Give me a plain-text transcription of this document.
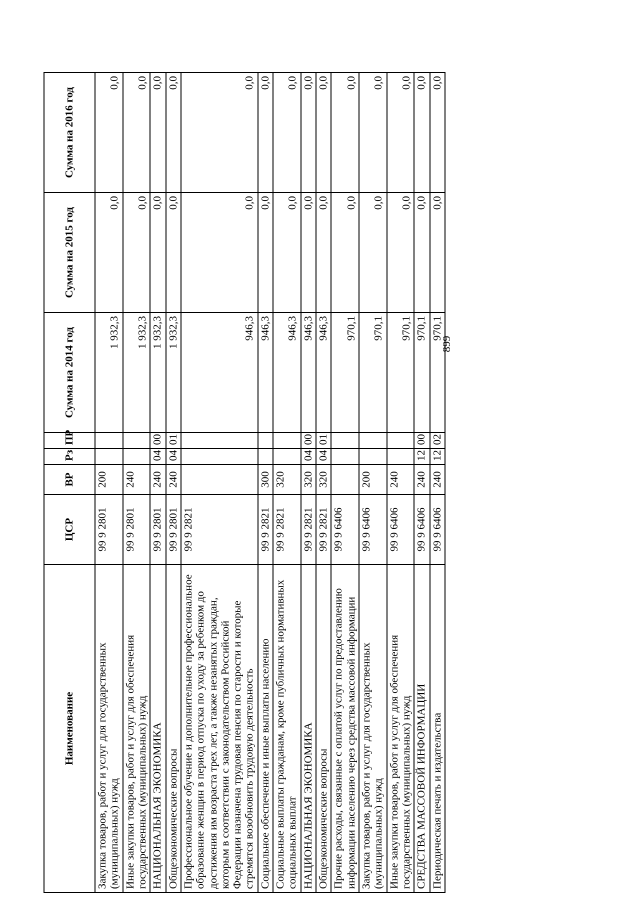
899
Наименование	ЦСР	ВР	Рз	ПР	Сумма на 2014 год	Сумма на 2015 год	Сумма на 2016 год
Закупка товаров, работ и услуг для государственных (муниципальных) нужд	99 9 2801	200			1 932,3	0,0	0,0
Иные закупки товаров, работ и услуг для обеспечения государственных (муниципальных) нужд	99 9 2801	240			1 932,3	0,0	0,0
НАЦИОНАЛЬНАЯ ЭКОНОМИКА	99 9 2801	240	04	00	1 932,3	0,0	0,0
Общеэкономические вопросы	99 9 2801	240	04	01	1 932,3	0,0	0,0
Профессиональное обучение и дополнительное профессиональное образование женщин в период отпуска по уходу за ребенком до достижения им возраста трех лет, а также незанятых граждан, которым в соответствии с законодательством Российской Федерации назначена трудовая пенсия по старости и которые стремятся возобновить трудовую деятельность	99 9 2821				946,3	0,0	0,0
Социальное обеспечение и иные выплаты населению	99 9 2821	300			946,3	0,0	0,0
Социальные выплаты гражданам, кроме публичных нормативных социальных выплат	99 9 2821	320			946,3	0,0	0,0
НАЦИОНАЛЬНАЯ ЭКОНОМИКА	99 9 2821	320	04	00	946,3	0,0	0,0
Общеэкономические вопросы	99 9 2821	320	04	01	946,3	0,0	0,0
Прочие расходы, связанные с оплатой услуг по предоставлению информации населению через средства массовой информации	99 9 6406				970,1	0,0	0,0
Закупка товаров, работ и услуг для государственных (муниципальных) нужд	99 9 6406	200			970,1	0,0	0,0
Иные закупки товаров, работ и услуг для обеспечения государственных (муниципальных) нужд	99 9 6406	240			970,1	0,0	0,0
СРЕДСТВА МАССОВОЙ ИНФОРМАЦИИ	99 9 6406	240	12	00	970,1	0,0	0,0
Периодическая печать и издательства	99 9 6406	240	12	02	970,1	0,0	0,0
